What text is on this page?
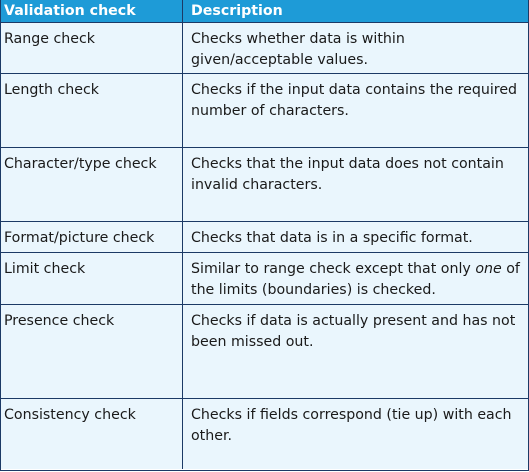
Validation check	Description
Range check	Checks whether data is within given/acceptable values.
Length check	Checks if the input data contains the required number of characters.
Character/type check	Checks that the input data does not contain invalid characters.
Format/picture check	Checks that data is in a specific format.
Limit check	Similar to range check except that only one of the limits (boundaries) is checked.
Presence check	Checks if data is actually present and has not been missed out.
Consistency check	Checks if fields correspond (tie up) with each other.
